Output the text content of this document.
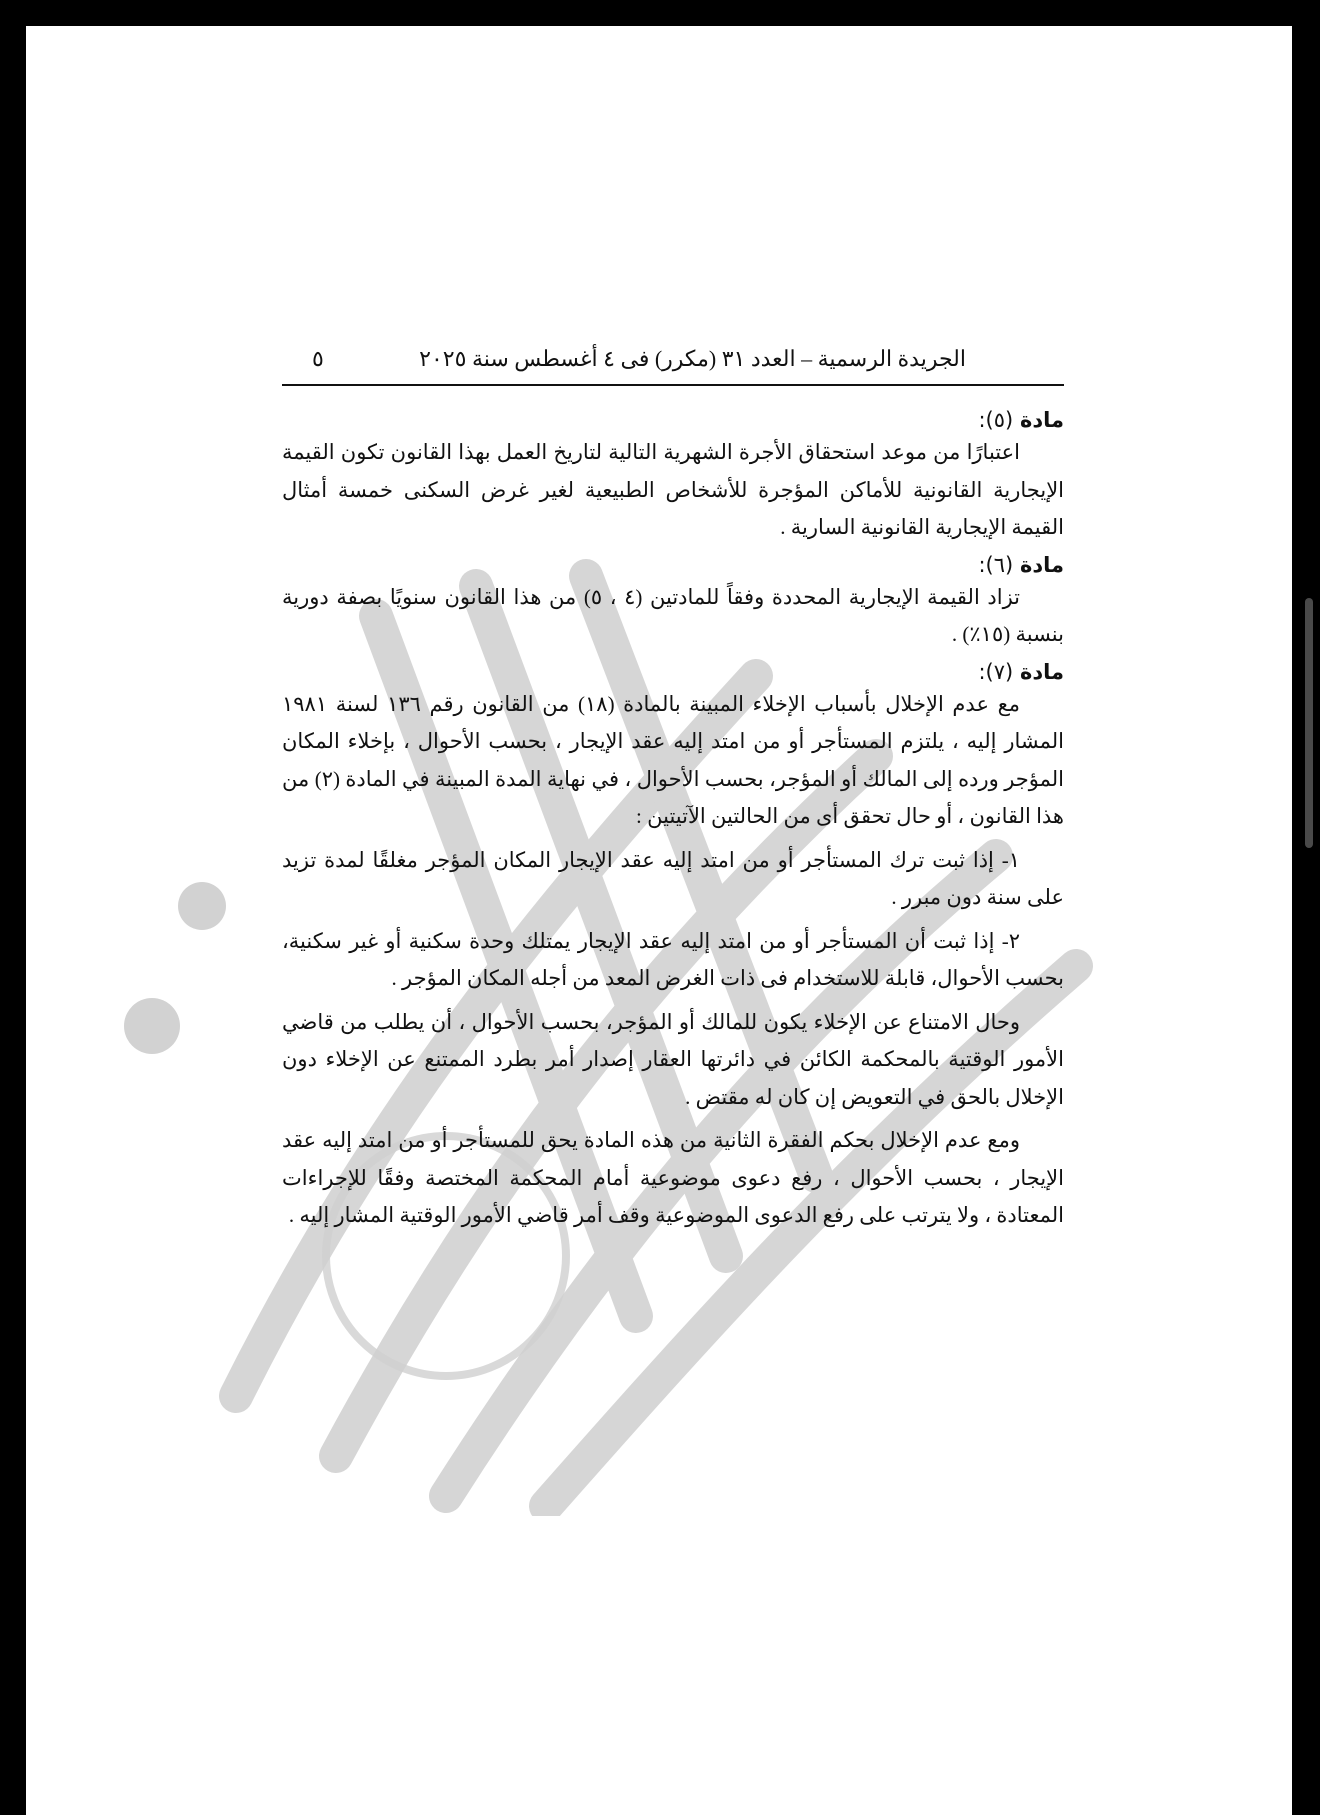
الجريدة الرسمية – العدد ٣١ (مكرر) فى ٤ أغسطس سنة ٢٠٢٥
٥
مادة (٥):

اعتبارًا من موعد استحقاق الأجرة الشهرية التالية لتاريخ العمل بهذا القانون تكون القيمة الإيجارية القانونية للأماكن المؤجرة للأشخاص الطبيعية لغير غرض السكنى خمسة أمثال القيمة الإيجارية القانونية السارية .

مادة (٦):

تزاد القيمة الإيجارية المحددة وفقاً للمادتين (٤ ، ٥) من هذا القانون سنويًا بصفة دورية بنسبة (١٥٪) .

مادة (٧):

مع عدم الإخلال بأسباب الإخلاء المبينة بالمادة (١٨) من القانون رقم ١٣٦ لسنة ١٩٨١ المشار إليه ، يلتزم المستأجر أو من امتد إليه عقد الإيجار ، بحسب الأحوال ، بإخلاء المكان المؤجر ورده إلى المالك أو المؤجر، بحسب الأحوال ، في نهاية المدة المبينة في المادة (٢) من هذا القانون ، أو حال تحقق أى من الحالتين الآتيتين :

١- إذا ثبت ترك المستأجر أو من امتد إليه عقد الإيجار المكان المؤجر مغلقًا لمدة تزيد على سنة دون مبرر .

٢- إذا ثبت أن المستأجر أو من امتد إليه عقد الإيجار يمتلك وحدة سكنية أو غير سكنية، بحسب الأحوال، قابلة للاستخدام فى ذات الغرض المعد من أجله المكان المؤجر .

وحال الامتناع عن الإخلاء يكون للمالك أو المؤجر، بحسب الأحوال ، أن يطلب من قاضي الأمور الوقتية بالمحكمة الكائن في دائرتها العقار إصدار أمر بطرد الممتنع عن الإخلاء دون الإخلال بالحق في التعويض إن كان له مقتض .

ومع عدم الإخلال بحكم الفقرة الثانية من هذه المادة يحق للمستأجر أو من امتد إليه عقد الإيجار ، بحسب الأحوال ، رفع دعوى موضوعية أمام المحكمة المختصة وفقًا للإجراءات المعتادة ، ولا يترتب على رفع الدعوى الموضوعية وقف أمر قاضي الأمور الوقتية المشار إليه .
